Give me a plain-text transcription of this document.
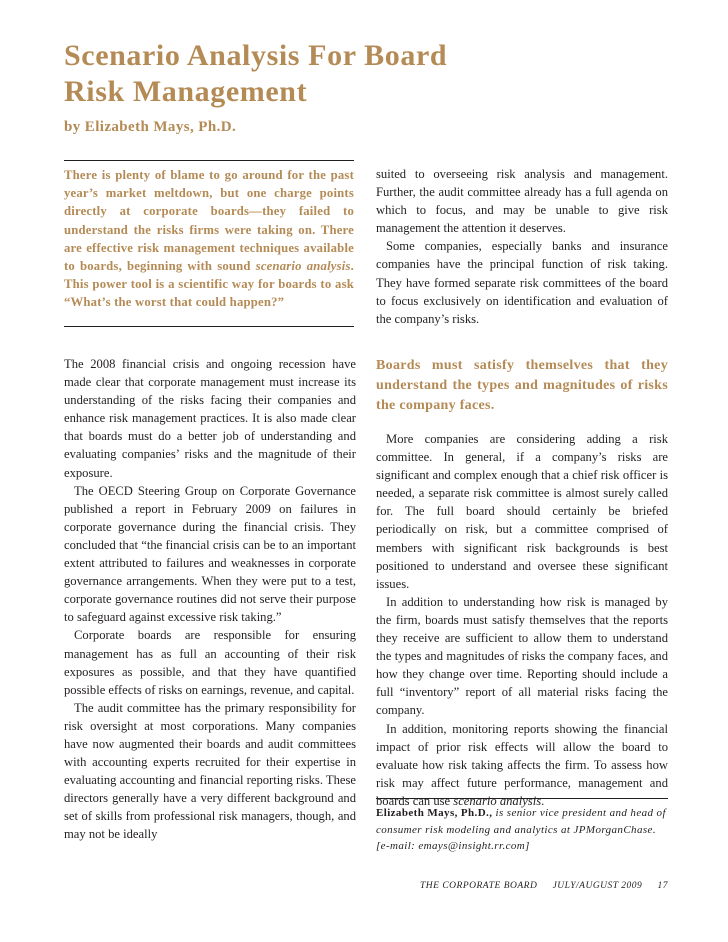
Scenario Analysis For Board
Risk Management
by Elizabeth Mays, Ph.D.
There is plenty of blame to go around for the past year’s market meltdown, but one charge points directly at corporate boards—they failed to understand the risks firms were taking on. There are effective risk management techniques available to boards, beginning with sound scenario analysis. This power tool is a scientific way for boards to ask “What’s the worst that could happen?”

suited to overseeing risk analysis and management. Further, the audit committee already has a full agenda on which to focus, and may be unable to give risk management the attention it deserves.

Some companies, especially banks and insurance companies have the principal function of risk taking. They have formed separate risk committees of the board to focus exclusively on identification and evaluation of the company’s risks.

The 2008 financial crisis and ongoing recession have made clear that corporate management must increase its understanding of the risks facing their companies and enhance risk management practices. It is also made clear that boards must do a better job of understanding and evaluating companies’ risks and the magnitude of their exposure.

The OECD Steering Group on Corporate Governance published a report in February 2009 on failures in corporate governance during the financial crisis. They concluded that “the financial crisis can be to an important extent attributed to failures and weaknesses in corporate governance arrangements. When they were put to a test, corporate governance routines did not serve their purpose to safeguard against excessive risk taking.”

Corporate boards are responsible for ensuring management has as full an accounting of their risk exposures as possible, and that they have quantified possible effects of risks on earnings, revenue, and capital.

The audit committee has the primary responsibility for risk oversight at most corporations. Many companies have now augmented their boards and audit committees with accounting experts recruited for their expertise in evaluating accounting and financial reporting risks. These directors generally have a very different background and set of skills from professional risk managers, though, and may not be ideally

Boards must satisfy themselves that they understand the types and magnitudes of risks the company faces.

More companies are considering adding a risk committee. In general, if a company’s risks are significant and complex enough that a chief risk officer is needed, a separate risk committee is almost surely called for. The full board should certainly be briefed periodically on risk, but a committee comprised of members with significant risk backgrounds is best positioned to understand and oversee these significant issues.

In addition to understanding how risk is managed by the firm, boards must satisfy themselves that the reports they receive are sufficient to allow them to understand the types and magnitudes of risks the company faces, and how they change over time. Reporting should include a full “inventory” report of all material risks facing the company.

In addition, monitoring reports showing the financial impact of prior risk effects will allow the board to evaluate how risk taking affects the firm. To assess how risk may affect future performance, management and boards can use scenario analysis.

Elizabeth Mays, Ph.D., is senior vice president and head of consumer risk modeling and analytics at JPMorganChase.
[e-mail: emays@insight.rr.com]
THE CORPORATE BOARD JULY/AUGUST 2009 17
